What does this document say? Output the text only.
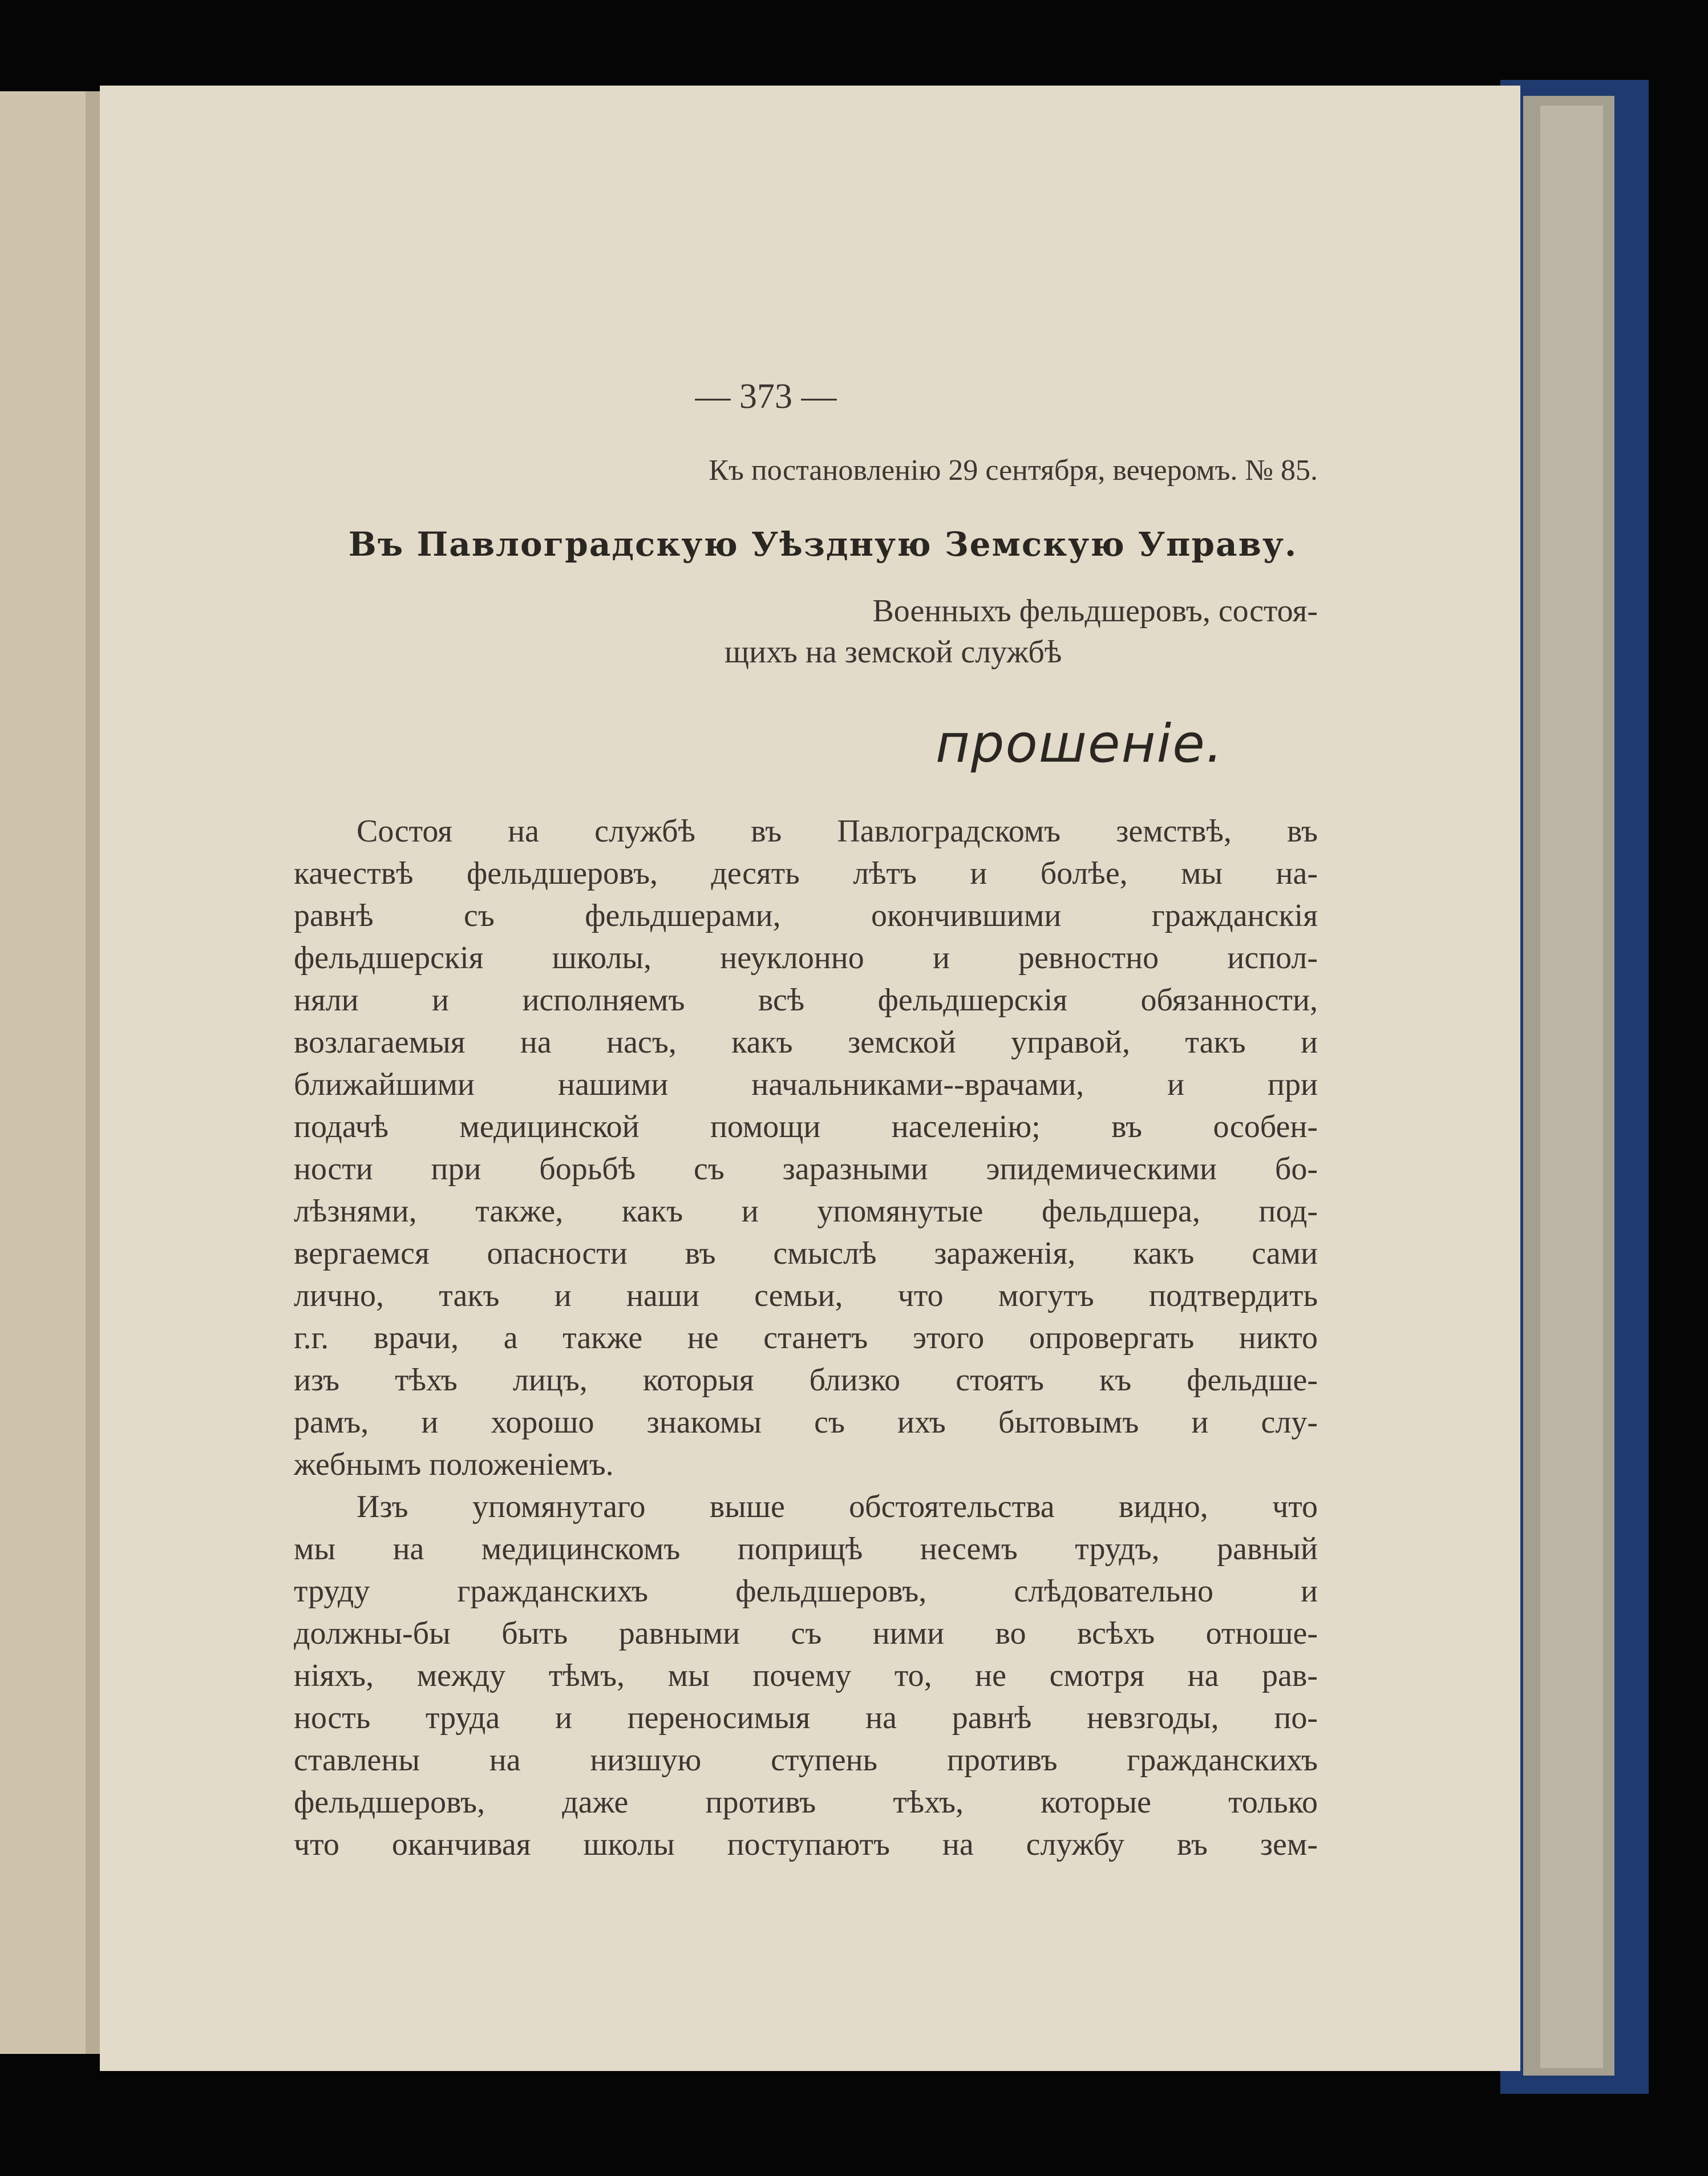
— 373 —
Къ постановленію 29 сентября, вечеромъ. № 85.
Въ Павлоградскую Уѣздную Земскую Управу.
Военныхъ фельдшеровъ, состоя-
щихъ на земской службѣ
прошенiе.
Состоя на службѣ въ Павлоградскомъ земствѣ, въ
качествѣ фельдшеровъ, десять лѣтъ и болѣе, мы на-
равнѣ съ фельдшерами, окончившими гражданскія
фельдшерскія школы, неуклонно и ревностно испол-
няли и исполняемъ всѣ фельдшерскія обязанности,
возлагаемыя на насъ, какъ земской управой, такъ и
ближайшими нашими начальниками--врачами, и при
подачѣ медицинской помощи населенію; въ особен-
ности при борьбѣ съ заразными эпидемическими бо-
лѣзнями, также, какъ и упомянутые фельдшера, под-
вергаемся опасности въ смыслѣ зараженія, какъ сами
лично, такъ и наши семьи, что могутъ подтвердить
г.г. врачи, а также не станетъ этого опровергать никто
изъ тѣхъ лицъ, которыя близко стоятъ къ фельдше-
рамъ, и хорошо знакомы съ ихъ бытовымъ и слу-
жебнымъ положеніемъ.
Изъ упомянутаго выше обстоятельства видно, что
мы на медицинскомъ поприщѣ несемъ трудъ, равный
труду гражданскихъ фельдшеровъ, слѣдовательно и
должны-бы быть равными съ ними во всѣхъ отноше-
ніяхъ, между тѣмъ, мы почему то, не смотря на рав-
ность труда и переносимыя на равнѣ невзгоды, по-
ставлены на низшую ступень противъ гражданскихъ
фельдшеровъ, даже противъ тѣхъ, которые только
что оканчивая школы поступаютъ на службу въ зем-
